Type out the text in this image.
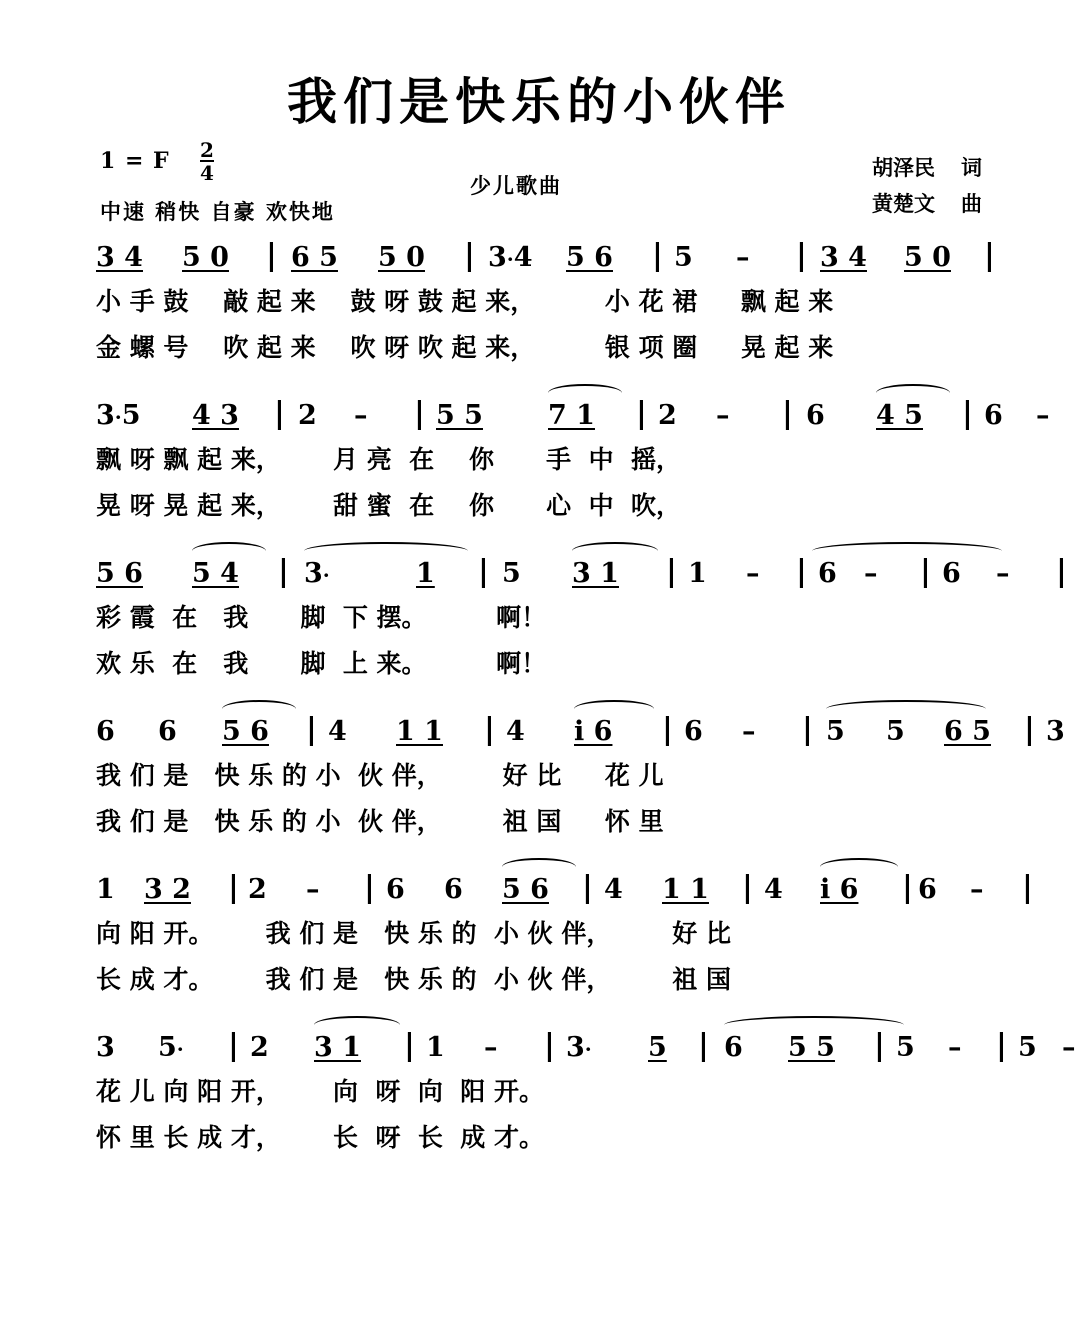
我们是快乐的小伙伴
1 = F $\frac{2}{4}$
中速 稍快 自豪 欢快地
少儿歌曲
胡泽民 词
黄楚文 曲
3 4 5 0 | 6 5 5 0 | 3·4 5 6 | 5 – | 3 4 5 0 |
小 手 鼓    敲 起 来    鼓 呀 鼓 起 来，        小 花 裙     飘 起 来
金 螺 号    吹 起 来    吹 呀 吹 起 来，        银 项 圈     晃 起 来
3·5 4 3 | 2 – | 5 5 7 1 | 2 – | 6 4 5 | 6 –
飘 呀 飘 起 来，      月 亮  在    你      手  中  摇，
晃 呀 晃 起 来，      甜 蜜  在    你      心  中  吹，
5 6 5 4 | 3·	1 | 5 3 1 | 1 – | 6 – | 6 – |
彩 霞  在   我      脚  下 摆。        啊！
欢 乐  在   我      脚  上 来。        啊！
6 6 5 6 | 4 1 1 | 4 i 6 | 6 – | 5 5 6 5 | 3
我 们 是   快 乐 的 小  伙 伴，       好 比     花 儿
我 们 是   快 乐 的 小  伙 伴，       祖 国     怀 里
1 3 2 | 2 – | 6 6 5 6 | 4 1 1 | 4 i 6 | 6 – |
向 阳 开。      我 们 是   快 乐 的  小 伙 伴，       好 比
长 成 才。      我 们 是   快 乐 的  小 伙 伴，       祖 国
3 5· | 2 3 1 | 1 – | 3· 5 | 6 5 5 | 5 – | 5 –
花 儿 向 阳 开，      向  呀  向  阳 开。
怀 里 长 成 才，      长  呀  长  成 才。
